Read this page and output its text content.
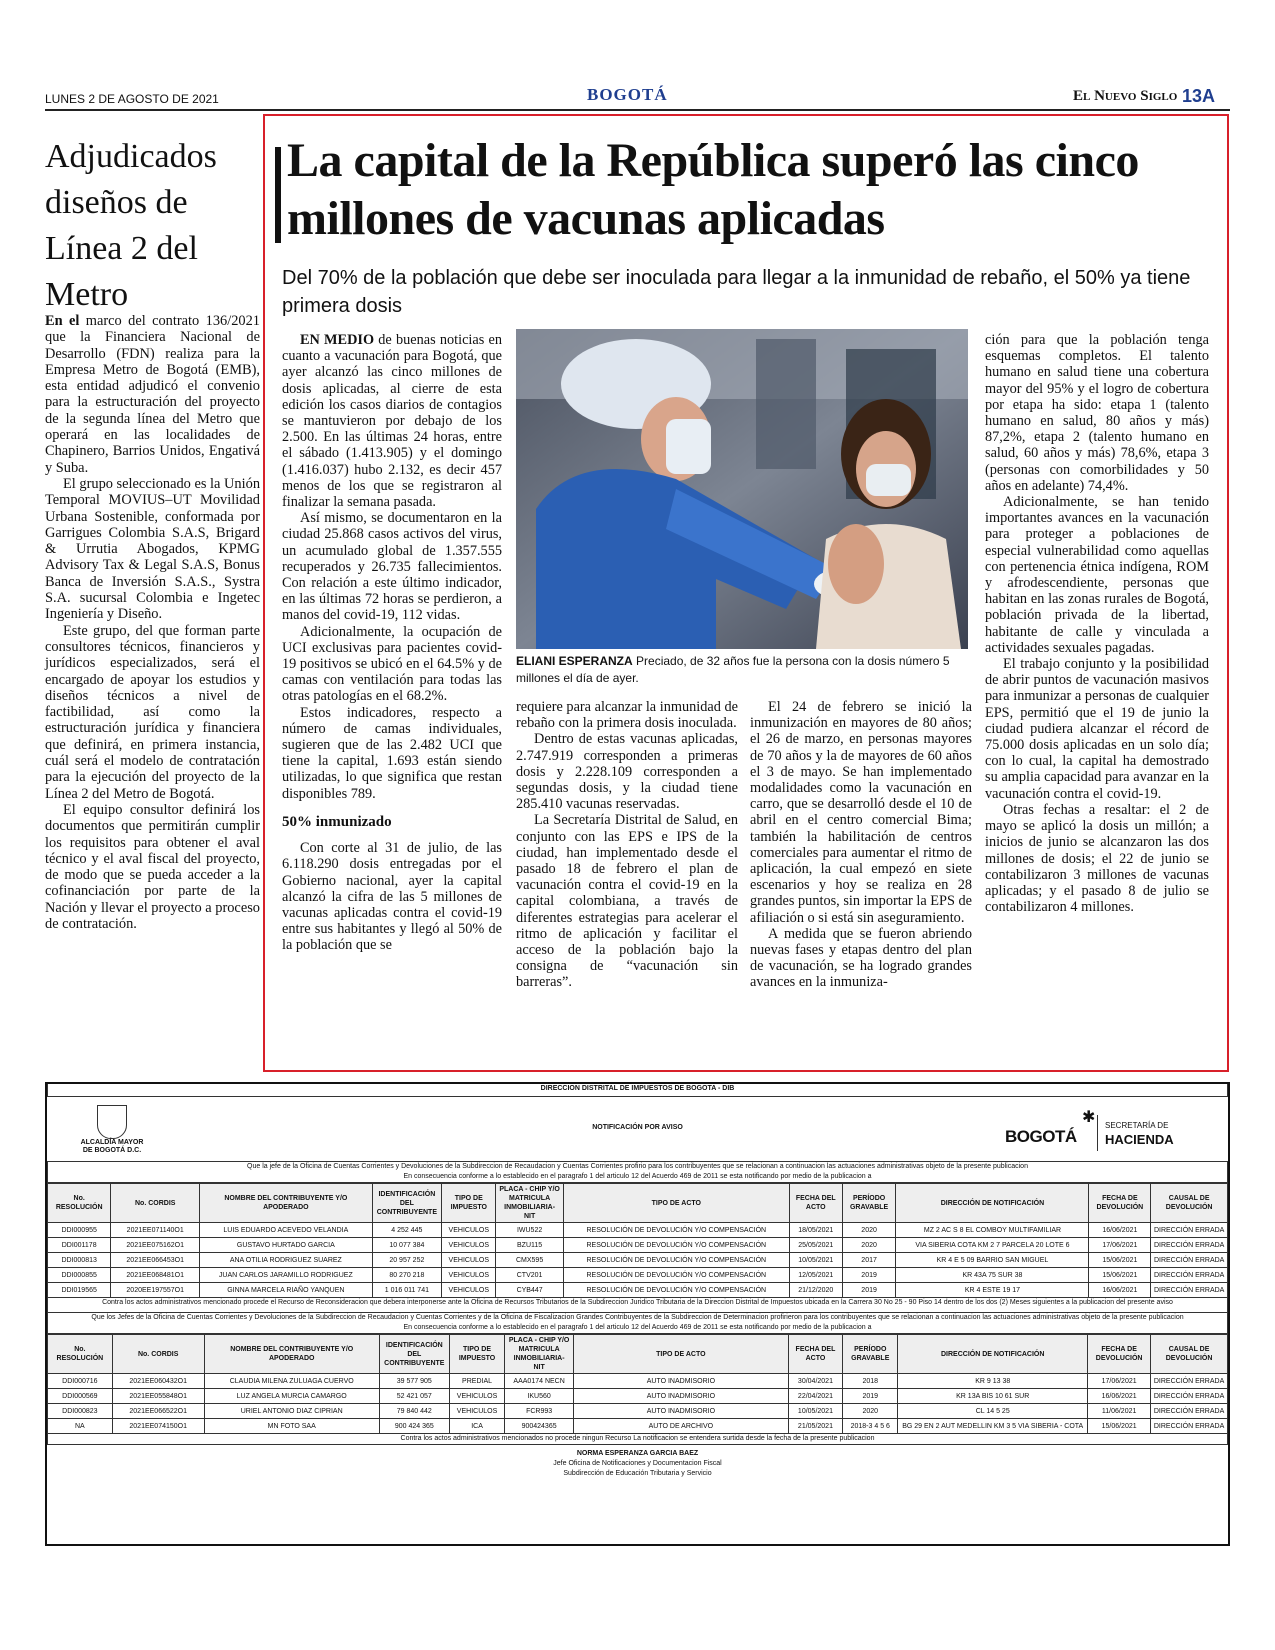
LUNES 2 DE AGOSTO DE 2021	BOGOTÁ	El Nuevo Siglo 13A
Adjudicados diseños de Línea 2 del Metro

En el marco del contrato 136/2021 que la Financiera Nacional de Desarrollo (FDN) realiza para la Empresa Metro de Bogotá (EMB), esta entidad adjudicó el convenio para la estructuración del proyecto de la segunda línea del Metro que operará en las localidades de Chapinero, Barrios Unidos, Engativá y Suba.

El grupo seleccionado es la Unión Temporal MOVIUS–UT Movilidad Urbana Sostenible, conformada por Garrigues Colombia S.A.S, Brigard & Urrutia Abogados, KPMG Advisory Tax & Legal S.A.S, Bonus Banca de Inversión S.A.S., Systra S.A. sucursal Colombia e Ingetec Ingeniería y Diseño.

Este grupo, del que forman parte consultores técnicos, financieros y jurídicos especializados, será el encargado de apoyar los estudios y diseños técnicos a nivel de factibilidad, así como la estructuración jurídica y financiera que definirá, en primera instancia, cuál será el modelo de contratación para la ejecución del proyecto de la Línea 2 del Metro de Bogotá.

El equipo consultor definirá los documentos que permitirán cumplir los requisitos para obtener el aval técnico y el aval fiscal del proyecto, de modo que se pueda acceder a la cofinanciación por parte de la Nación y llevar el proyecto a proceso de contratación.

La capital de la República superó las cinco millones de vacunas aplicadas
Del 70% de la población que debe ser inoculada para llegar a la inmunidad de rebaño, el 50% ya tiene primera dosis

EN MEDIO de buenas noticias en cuanto a vacunación para Bogotá, que ayer alcanzó las cinco millones de dosis aplicadas, al cierre de esta edición los casos diarios de contagios se mantuvieron por debajo de los 2.500. En las últimas 24 horas, entre el sábado (1.413.905) y el domingo (1.416.037) hubo 2.132, es decir 457 menos de los que se registraron al finalizar la semana pasada.

Así mismo, se documentaron en la ciudad 25.868 casos activos del virus, un acumulado global de 1.357.555 recuperados y 26.735 fallecimientos. Con relación a este último indicador, en las últimas 72 horas se perdieron, a manos del covid-19, 112 vidas.

Adicionalmente, la ocupación de UCI exclusivas para pacientes covid-19 positivos se ubicó en el 64.5% y de camas con ventilación para todas las otras patologías en el 68.2%.

Estos indicadores, respecto a número de camas individuales, sugieren que de las 2.482 UCI que tiene la capital, 1.693 están siendo utilizadas, lo que significa que restan disponibles 789.

50% inmunizado

Con corte al 31 de julio, de las 6.118.290 dosis entregadas por el Gobierno nacional, ayer la capital alcanzó la cifra de las 5 millones de vacunas aplicadas contra el covid-19 entre sus habitantes y llegó al 50% de la población que se

ELIANI ESPERANZA Preciado, de 32 años fue la persona con la dosis número 5 millones el día de ayer.

requiere para alcanzar la inmunidad de rebaño con la primera dosis inoculada.

Dentro de estas vacunas aplicadas, 2.747.919 corresponden a primeras dosis y 2.228.109 corresponden a segundas dosis, y la ciudad tiene 285.410 vacunas reservadas.

La Secretaría Distrital de Salud, en conjunto con las EPS e IPS de la ciudad, han implementado desde el pasado 18 de febrero el plan de vacunación contra el covid-19 en la capital colombiana, a través de diferentes estrategias para acelerar el ritmo de aplicación y facilitar el acceso de la población bajo la consigna de “vacunación sin barreras”.

El 24 de febrero se inició la inmunización en mayores de 80 años; el 26 de marzo, en personas mayores de 70 años y la de mayores de 60 años el 3 de mayo. Se han implementado modalidades como la vacunación en carro, que se desarrolló desde el 10 de abril en el centro comercial Bima; también la habilitación de centros comerciales para aumentar el ritmo de aplicación, la cual empezó en siete escenarios y hoy se realiza en 28 grandes puntos, sin importar la EPS de afiliación o si está sin aseguramiento.

A medida que se fueron abriendo nuevas fases y etapas dentro del plan de vacunación, se ha logrado grandes avances en la inmuniza-

ción para que la población tenga esquemas completos. El talento humano en salud tiene una cobertura mayor del 95% y el logro de cobertura por etapa ha sido: etapa 1 (talento humano en salud, 80 años y más) 87,2%, etapa 2 (talento humano en salud, 60 años y más) 78,6%, etapa 3 (personas con comorbilidades y 50 años en adelante) 74,4%.

Adicionalmente, se han tenido importantes avances en la vacunación para proteger a poblaciones de especial vulnerabilidad como aquellas con pertenencia étnica indígena, ROM y afrodescendiente, personas que habitan en las zonas rurales de Bogotá, población privada de la libertad, habitante de calle y vinculada a actividades sexuales pagadas.

El trabajo conjunto y la posibilidad de abrir puntos de vacunación masivos para inmunizar a personas de cualquier EPS, permitió que el 19 de junio la ciudad pudiera alcanzar el récord de 75.000 dosis aplicadas en un solo día; con lo cual, la capital ha demostrado su amplia capacidad para avanzar en la vacunación contra el covid-19.

Otras fechas a resaltar: el 2 de mayo se aplicó la dosis un millón; a inicios de junio se alcanzaron las dos millones de dosis; el 22 de junio se contabilizaron 3 millones de vacunas aplicadas; y el pasado 8 de julio se contabilizaron 4 millones.

DIRECCION DISTRITAL DE IMPUESTOS DE BOGOTA - DIB
ALCALDÍA MAYOR
DE BOGOTÁ D.C.
NOTIFICACIÓN POR AVISO	BOGOTÁ
✱ SECRETARÍA DE
HACIENDA
Que la jefe de la Oficina de Cuentas Corrientes y Devoluciones de la Subdireccion de Recaudacion y Cuentas Corrientes profirio para los contribuyentes que se relacionan a continuacion las actuaciones administrativas objeto de la presente publicacion
En consecuencia conforme a lo establecido en el paragrafo 1 del articulo 12 del Acuerdo 469 de 2011 se esta notificando por medio de la publicacion a
No. RESOLUCIÓN	No. CORDIS	NOMBRE DEL CONTRIBUYENTE Y/O APODERADO	IDENTIFICACIÓN DEL CONTRIBUYENTE	TIPO DE IMPUESTO	PLACA - CHIP Y/O MATRICULA INMOBILIARIA- NIT	TIPO DE ACTO	FECHA DEL ACTO	PERÍODO GRAVABLE	DIRECCIÓN DE NOTIFICACIÓN	FECHA DE DEVOLUCIÓN	CAUSAL DE DEVOLUCIÓN
DDI000955	2021EE071140O1	LUIS EDUARDO ACEVEDO VELANDIA	4 252 445	VEHICULOS	IWU522	RESOLUCIÓN DE DEVOLUCIÓN Y/O COMPENSACIÓN	18/05/2021	2020	MZ 2 AC S 8 EL COMBOY MULTIFAMILIAR	16/06/2021	DIRECCIÓN ERRADA
DDI001178	2021EE075162O1	GUSTAVO HURTADO GARCIA	10 077 384	VEHICULOS	BZU115	RESOLUCIÓN DE DEVOLUCIÓN Y/O COMPENSACIÓN	25/05/2021	2020	VIA SIBERIA COTA KM 2 7 PARCELA 20 LOTE 6	17/06/2021	DIRECCIÓN ERRADA
DDI000813	2021EE066453O1	ANA OTILIA RODRIGUEZ SUAREZ	20 957 252	VEHICULOS	CMX595	RESOLUCIÓN DE DEVOLUCIÓN Y/O COMPENSACIÓN	10/05/2021	2017	KR 4 E 5 09 BARRIO SAN MIGUEL	15/06/2021	DIRECCIÓN ERRADA
DDI000855	2021EE068481O1	JUAN CARLOS JARAMILLO RODRIGUEZ	80 270 218	VEHICULOS	CTV201	RESOLUCIÓN DE DEVOLUCIÓN Y/O COMPENSACIÓN	12/05/2021	2019	KR 43A 75 SUR 38	15/06/2021	DIRECCIÓN ERRADA
DDI019565	2020EE197557O1	GINNA MARCELA RIAÑO YANQUEN	1 016 011 741	VEHICULOS	CYB447	RESOLUCIÓN DE DEVOLUCIÓN Y/O COMPENSACIÓN	21/12/2020	2019	KR 4 ESTE 19 17	16/06/2021	DIRECCIÓN ERRADA
Contra los actos administrativos mencionado procede el Recurso de Reconsideracion que debera interponerse ante la Oficina de Recursos Tributarios de la Subdireccion Juridico Tributaria de la Direccion Distrital de Impuestos ubicada en la Carrera 30 No 25 - 90 Piso 14 dentro de los dos (2) Meses siguientes a la publicacion del presente aviso
Que los Jefes de la Oficina de Cuentas Corrientes y Devoluciones de la Subdireccion de Recaudacion y Cuentas Corrientes y de la Oficina de Fiscalizacion Grandes Contribuyentes de la Subdireccion de Determinacion profirieron para los contribuyentes que se relacionan a continuacion las actuaciones administrativas objeto de la presente publicacion
En consecuencia conforme a lo establecido en el paragrafo 1 del articulo 12 del Acuerdo 469 de 2011 se esta notificando por medio de la publicacion a
No. RESOLUCIÓN	No. CORDIS	NOMBRE DEL CONTRIBUYENTE Y/O APODERADO	IDENTIFICACIÓN DEL CONTRIBUYENTE	TIPO DE IMPUESTO	PLACA - CHIP Y/O MATRICULA INMOBILIARIA- NIT	TIPO DE ACTO	FECHA DEL ACTO	PERÍODO GRAVABLE	DIRECCIÓN DE NOTIFICACIÓN	FECHA DE DEVOLUCIÓN	CAUSAL DE DEVOLUCIÓN
DDI000716	2021EE060432O1	CLAUDIA MILENA ZULUAGA CUERVO	39 577 905	PREDIAL	AAA0174 NECN	AUTO INADMISORIO	30/04/2021	2018	KR 9 13 38	17/06/2021	DIRECCIÓN ERRADA
DDI000569	2021EE055848O1	LUZ ANGELA MURCIA CAMARGO	52 421 057	VEHICULOS	IKU560	AUTO INADMISORIO	22/04/2021	2019	KR 13A BIS 10 61 SUR	16/06/2021	DIRECCIÓN ERRADA
DDI000823	2021EE066522O1	URIEL ANTONIO DIAZ CIPRIAN	79 840 442	VEHICULOS	FCR993	AUTO INADMISORIO	10/05/2021	2020	CL 14 5 25	11/06/2021	DIRECCIÓN ERRADA
NA	2021EE074150O1	MN FOTO SAA	900 424 365	ICA	900424365	AUTO DE ARCHIVO	21/05/2021	2018-3 4 5 6	BG 29 EN 2 AUT MEDELLIN KM 3 5 VIA SIBERIA - COTA	15/06/2021	DIRECCIÓN ERRADA
Contra los actos administrativos mencionados no procede ningun Recurso La notificacion se entendera surtida desde la fecha de la presente publicacion
NORMA ESPERANZA GARCIA BAEZ
Jefe Oficina de Notificaciones y Documentacion Fiscal
Subdirección de Educación Tributaria y Servicio
